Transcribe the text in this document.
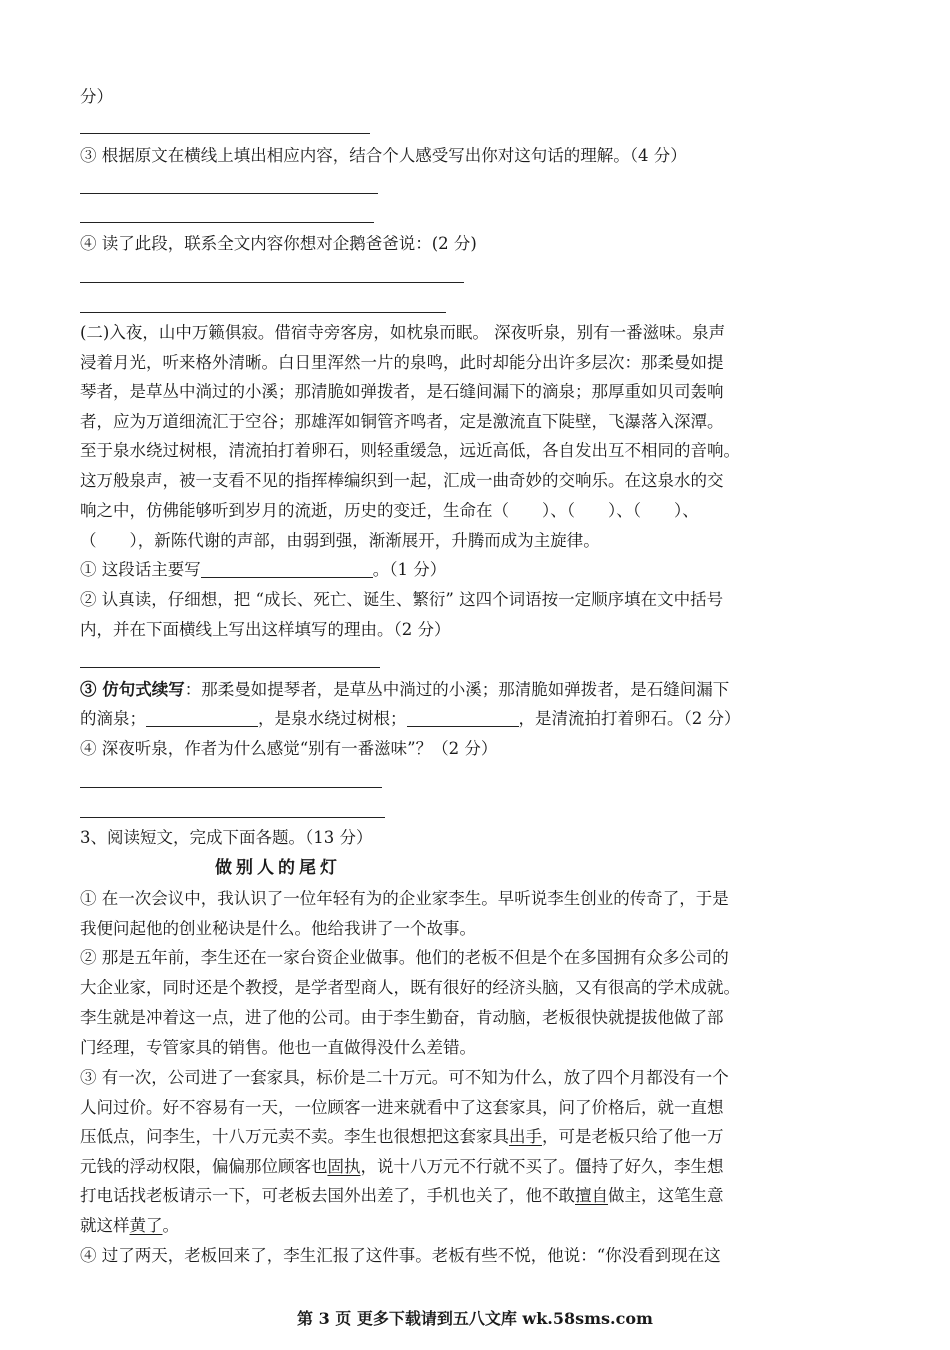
分）
③ 根据原文在横线上填出相应内容，结合个人感受写出你对这句话的理解。（4 分）
④ 读了此段，联系全文内容你想对企鹅爸爸说：(2 分)
(二)入夜，山中万籁俱寂。借宿寺旁客房，如枕泉而眠。 深夜听泉，别有一番滋味。泉声
浸着月光，听来格外清晰。白日里浑然一片的泉鸣，此时却能分出许多层次：那柔曼如提
琴者，是草丛中淌过的小溪；那清脆如弹拨者，是石缝间漏下的滴泉；那厚重如贝司轰响
者，应为万道细流汇于空谷；那雄浑如铜管齐鸣者，定是激流直下陡壁，飞瀑落入深潭。
至于泉水绕过树根，清流拍打着卵石，则轻重缓急，远近高低，各自发出互不相同的音响。
这万般泉声，被一支看不见的指挥棒编织到一起，汇成一曲奇妙的交响乐。在这泉水的交
响之中，仿佛能够听到岁月的流逝，历史的变迁，生命在（　　）、（　　）、（　　）、
（　　），新陈代谢的声部，由弱到强，渐渐展开，升腾而成为主旋律。
① 这段话主要写	。（1 分）
② 认真读，仔细想，把 “成长、死亡、诞生、繁衍” 这四个词语按一定顺序填在文中括号
内，并在下面横线上写出这样填写的理由。（2 分）
③ 仿句式续写：那柔曼如提琴者，是草丛中淌过的小溪；那清脆如弹拨者，是石缝间漏下
的滴泉；	，是泉水绕过树根；	，是清流拍打着卵石。（2 分）
④ 深夜听泉，作者为什么感觉“别有一番滋味”？（2 分）
3、阅读短文，完成下面各题。（13 分）
做别人的尾灯
① 在一次会议中，我认识了一位年轻有为的企业家李生。早听说李生创业的传奇了，于是
我便问起他的创业秘诀是什么。他给我讲了一个故事。
② 那是五年前，李生还在一家台资企业做事。他们的老板不但是个在多国拥有众多公司的
大企业家，同时还是个教授，是学者型商人，既有很好的经济头脑，又有很高的学术成就。
李生就是冲着这一点，进了他的公司。由于李生勤奋，肯动脑，老板很快就提拔他做了部
门经理，专管家具的销售。他也一直做得没什么差错。
③ 有一次，公司进了一套家具，标价是二十万元。可不知为什么，放了四个月都没有一个
人问过价。好不容易有一天，一位顾客一进来就看中了这套家具，问了价格后，就一直想
压低点，问李生，十八万元卖不卖。李生也很想把这套家具出手，可是老板只给了他一万
元钱的浮动权限，偏偏那位顾客也固执，说十八万元不行就不买了。僵持了好久，李生想
打电话找老板请示一下，可老板去国外出差了，手机也关了，他不敢擅自做主，这笔生意
就这样黄了。
④ 过了两天，老板回来了，李生汇报了这件事。老板有些不悦，他说：“你没看到现在这
第 3 页 更多下载请到五八文库 wk.58sms.com
